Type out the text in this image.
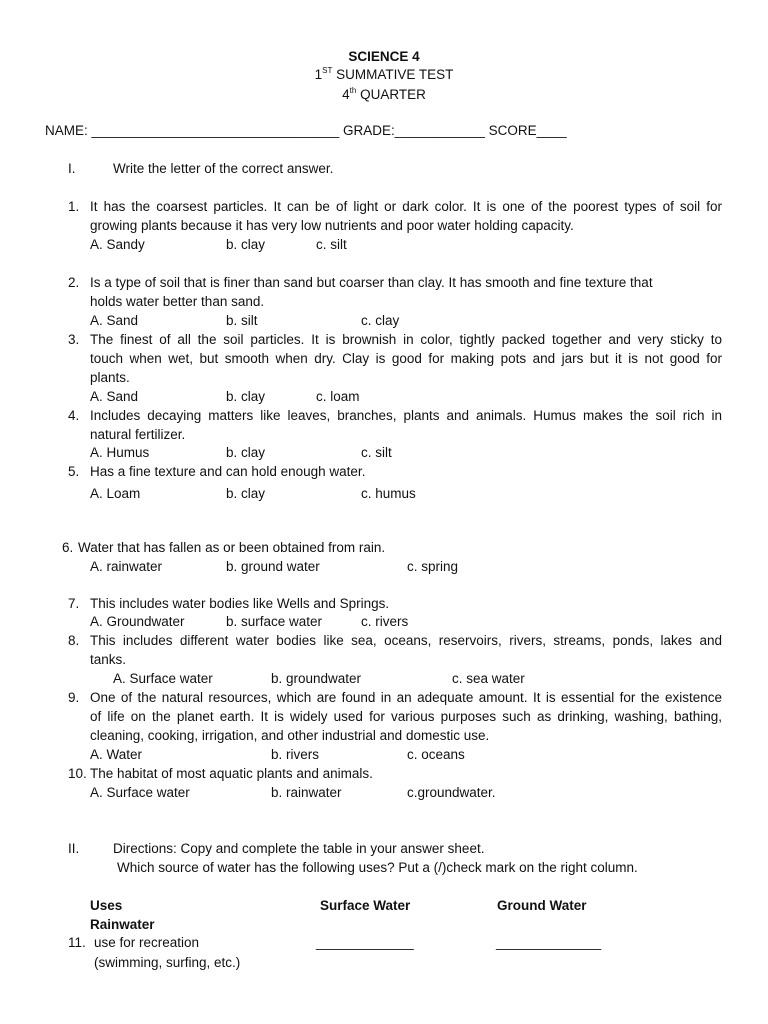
SCIENCE 4
1ST SUMMATIVE TEST
4th QUARTER
NAME: _________________________________ GRADE:____________ SCORE____
I.	Write the letter of the correct answer.
1. It has the coarsest particles. It can be of light or dark color. It is one of the poorest types of soil for
growing plants because it has very low nutrients and poor water holding capacity.
A. Sandy	b. clay	c. silt
2. Is a type of soil that is finer than sand but coarser than clay. It has smooth and fine texture that
holds water better than sand.
A. Sand	b. silt	c. clay
3. The finest of all the soil particles. It is brownish in color, tightly packed together and very sticky to
touch when wet, but smooth when dry. Clay is good for making pots and jars but it is not good for
plants.
A. Sand	b. clay	c. loam
4. Includes decaying matters like leaves, branches, plants and animals. Humus makes the soil rich in
natural fertilizer.
A. Humus	b. clay	c. silt
5. Has a fine texture and can hold enough water.
A. Loam	b. clay	c. humus
6. Water that has fallen as or been obtained from rain.
A. rainwater	b. ground water	c. spring
7. This includes water bodies like Wells and Springs.
A. Groundwater	b. surface water	c. rivers
8. This includes different water bodies like sea, oceans, reservoirs, rivers, streams, ponds, lakes and
tanks.
A. Surface water	b. groundwater	c. sea water
9. One of the natural resources, which are found in an adequate amount. It is essential for the existence
of life on the planet earth. It is widely used for various purposes such as drinking, washing, bathing,
cleaning, cooking, irrigation, and other industrial and domestic use.
A. Water	b. rivers	c. oceans
10. The habitat of most aquatic plants and animals.
A. Surface water	b. rainwater	c.groundwater.
II. Directions: Copy and complete the table in your answer sheet.
Which source of water has the following uses? Put a (/)check mark on the right column.
Uses	Surface Water	Ground Water
Rainwater
11. use for recreation	_____________	______________
(swimming, surfing, etc.)
